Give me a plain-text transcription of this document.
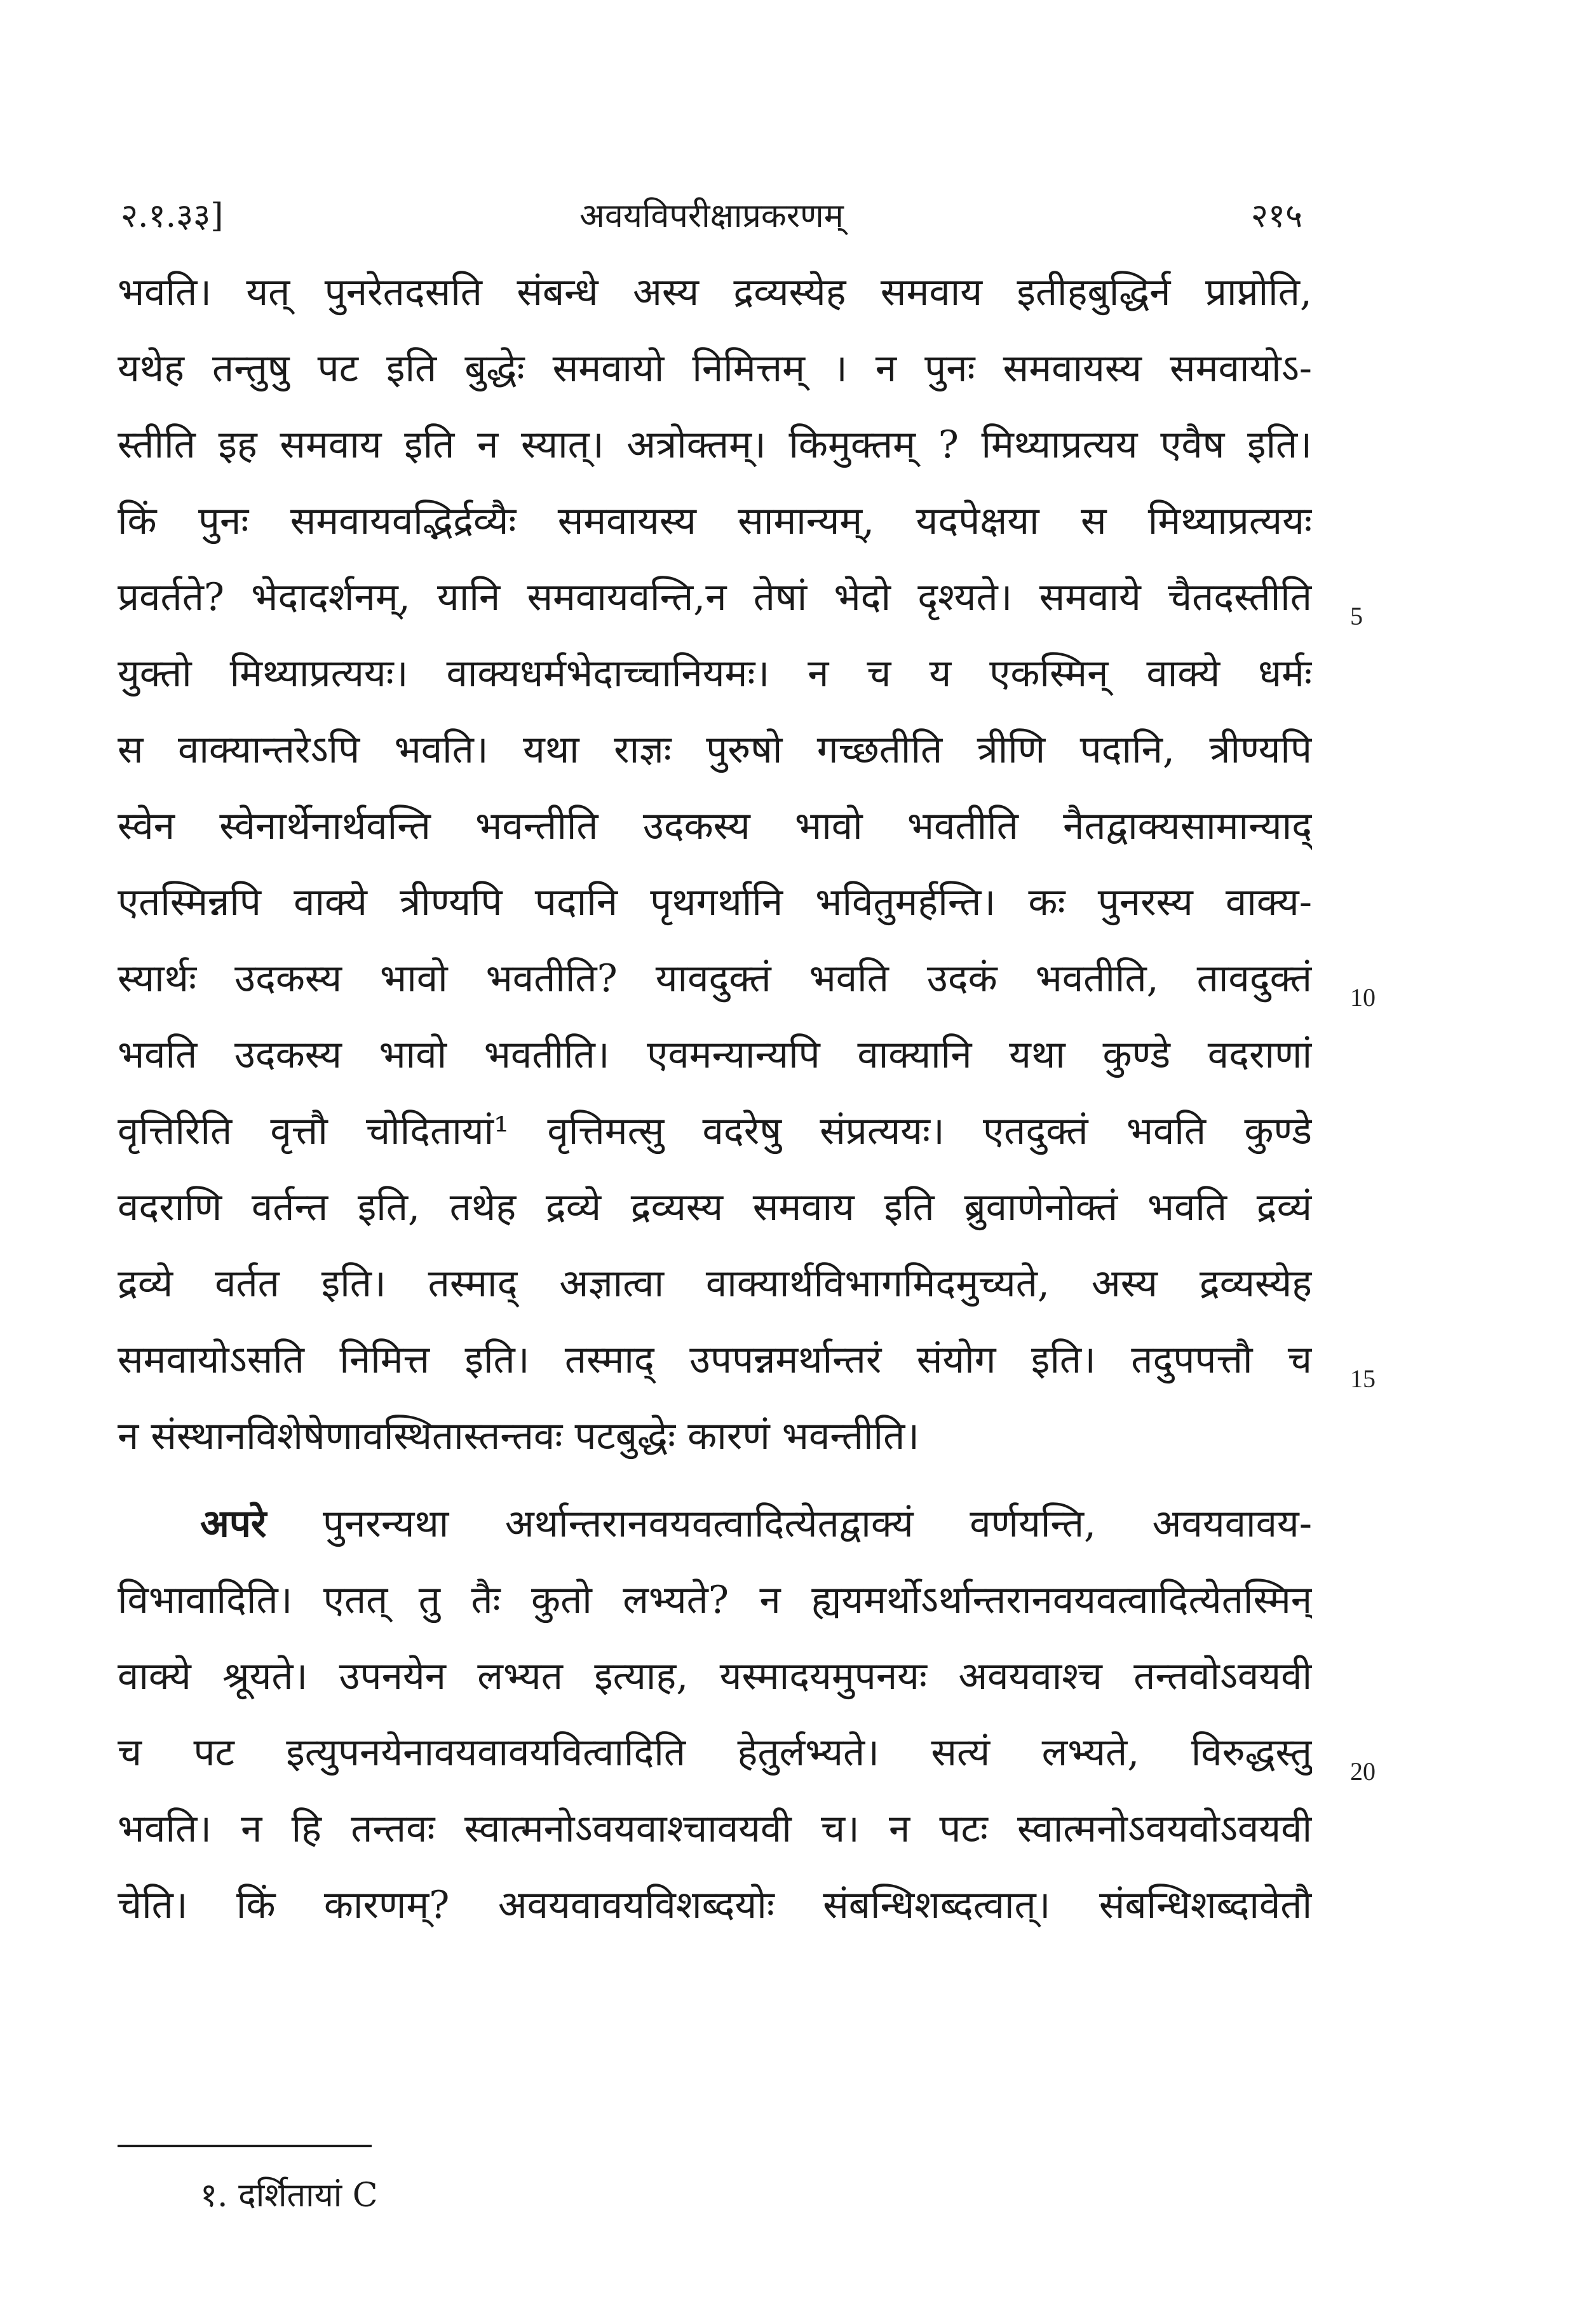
२.१.३३]	अवयविपरीक्षाप्रकरणम्	२१५
भवति। यत् पुनरेतदसति संबन्धे अस्य द्रव्यस्येह समवाय इतीहबुद्धिर्न प्राप्नोति,
यथेह तन्तुषु पट इति बुद्धेः समवायो निमित्तम् । न पुनः समवायस्य समवायोऽ-
स्तीति इह समवाय इति न स्यात्। अत्रोक्तम्। किमुक्तम् ? मिथ्याप्रत्यय एवैष इति।
किं पुनः समवायवद्भिर्द्रव्यैः समवायस्य सामान्यम्, यदपेक्षया स मिथ्याप्रत्ययः
प्रवर्तते? भेदादर्शनम्, यानि समवायवन्ति,न तेषां भेदो दृश्यते। समवाये चैतदस्तीति
युक्तो मिथ्याप्रत्ययः। वाक्यधर्मभेदाच्चानियमः। न च य एकस्मिन् वाक्ये धर्मः
स वाक्यान्तरेऽपि भवति। यथा राज्ञः पुरुषो गच्छतीति त्रीणि पदानि, त्रीण्यपि
स्वेन स्वेनार्थेनार्थवन्ति भवन्तीति उदकस्य भावो भवतीति नैतद्वाक्यसामान्याद्
एतस्मिन्नपि वाक्ये त्रीण्यपि पदानि पृथगर्थानि भवितुमर्हन्ति। कः पुनरस्य वाक्य-
स्यार्थः उदकस्य भावो भवतीति? यावदुक्तं भवति उदकं भवतीति, तावदुक्तं
भवति उदकस्य भावो भवतीति। एवमन्यान्यपि वाक्यानि यथा कुण्डे वदराणां
वृत्तिरिति वृत्तौ चोदितायां¹ वृत्तिमत्सु वदरेषु संप्रत्ययः। एतदुक्तं भवति कुण्डे
वदराणि वर्तन्त इति, तथेह द्रव्ये द्रव्यस्य समवाय इति ब्रुवाणेनोक्तं भवति द्रव्यं
द्रव्ये वर्तत इति। तस्माद् अज्ञात्वा वाक्यार्थविभागमिदमुच्यते, अस्य द्रव्यस्येह
समवायोऽसति निमित्त इति। तस्माद् उपपन्नमर्थान्तरं संयोग इति। तदुपपत्तौ च
न संस्थानविशेषेणावस्थितास्तन्तवः पटबुद्धेः कारणं भवन्तीति।
अपरे पुनरन्यथा अर्थान्तरानवयवत्वादित्येतद्वाक्यं वर्णयन्ति, अवयवावय-
विभावादिति। एतत् तु तैः कुतो लभ्यते? न ह्ययमर्थोऽर्थान्तरानवयवत्वादित्येतस्मिन्
वाक्ये श्रूयते। उपनयेन लभ्यत इत्याह, यस्मादयमुपनयः अवयवाश्च तन्तवोऽवयवी
च पट इत्युपनयेनावयवावयवित्वादिति हेतुर्लभ्यते। सत्यं लभ्यते, विरुद्धस्तु
भवति। न हि तन्तवः स्वात्मनोऽवयवाश्चावयवी च। न पटः स्वात्मनोऽवयवोऽवयवी
चेति। किं कारणम्? अवयवावयविशब्दयोः संबन्धिशब्दत्वात्। संबन्धिशब्दावेतौ
5
10
15
20
१. दर्शितायां C
